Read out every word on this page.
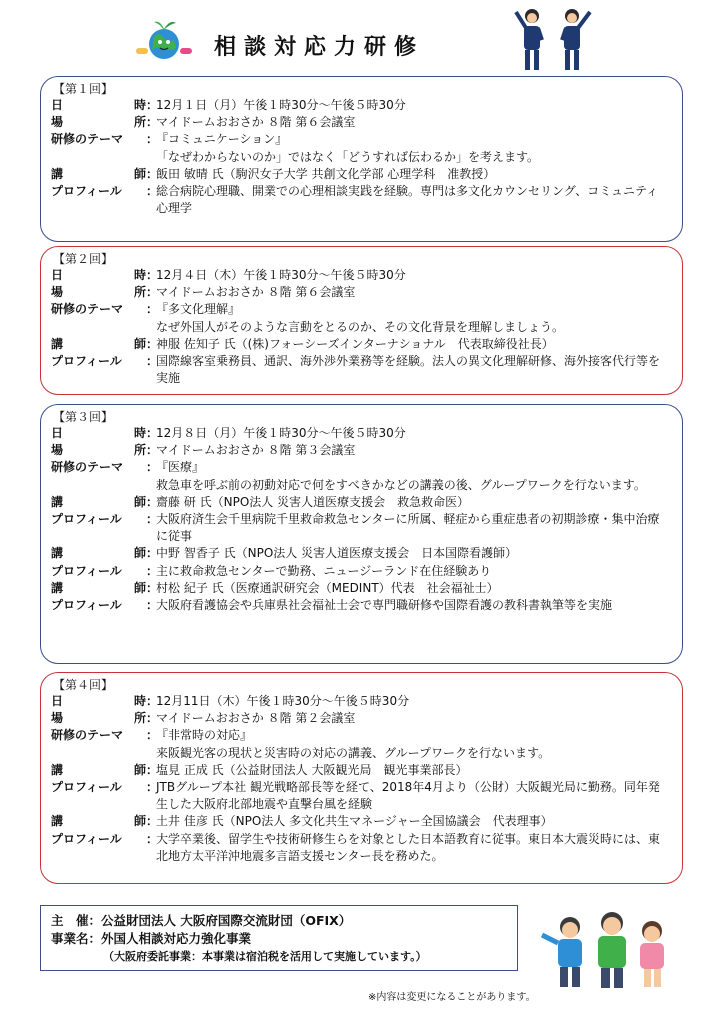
相談対応力研修
【第１回】
日	時 ：
12月１日（月）午後１時30分～午後５時30分
場	所 ：
マイドームおおさか ８階 第６会議室
研修のテーマ	：
『コミュニケーション』
「なぜわからないのか」ではなく「どうすれば伝わるか」を考えます。
講	師 ：
飯田 敏晴 氏（駒沢女子大学 共創文化学部 心理学科　准教授）
プロフィール	：
総合病院心理職、開業での心理相談実践を経験。専門は多文化カウンセリング、コミュニティ心理学
【第２回】
日	時 ：
12月４日（木）午後１時30分～午後５時30分
場	所 ：
マイドームおおさか ８階 第６会議室
研修のテーマ	：
『多文化理解』
なぜ外国人がそのような言動をとるのか、その文化背景を理解しましょう。
講	師 ：
神服 佐知子 氏（(株)フォーシーズインターナショナル　代表取締役社長）
プロフィール	：
国際線客室乗務員、通訳、海外渉外業務等を経験。法人の異文化理解研修、海外接客代行等を実施
【第３回】
日	時 ：
12月８日（月）午後１時30分～午後５時30分
場	所 ：
マイドームおおさか ８階 第３会議室
研修のテーマ	：
『医療』
救急車を呼ぶ前の初動対応で何をすべきかなどの講義の後、グループワークを行ないます。
講	師 ：
齋藤 研 氏（NPO法人 災害人道医療支援会　救急救命医）
プロフィール	：
大阪府済生会千里病院千里救命救急センターに所属、軽症から重症患者の初期診療・集中治療に従事
講	師 ：
中野 智香子 氏（NPO法人 災害人道医療支援会　日本国際看護師）
プロフィール	：
主に救命救急センターで勤務、ニュージーランド在住経験あり
講	師 ：
村松 紀子 氏（医療通訳研究会（MEDINT）代表　社会福祉士）
プロフィール	：
大阪府看護協会や兵庫県社会福祉士会で専門職研修や国際看護の教科書執筆等を実施
【第４回】
日	時 ：
12月11日（木）午後１時30分～午後５時30分
場	所 ：
マイドームおおさか ８階 第２会議室
研修のテーマ	：
『非常時の対応』
来阪観光客の現状と災害時の対応の講義、グループワークを行ないます。
講	師 ：
塩見 正成 氏（公益財団法人 大阪観光局　観光事業部長）
プロフィール	：
JTBグループ本社 観光戦略部長等を経て、2018年4月より（公財）大阪観光局に勤務。同年発生した大阪府北部地震や直撃台風を経験
講	師 ：
土井 佳彦 氏（NPO法人 多文化共生マネージャー全国協議会　代表理事）
プロフィール	：
大学卒業後、留学生や技術研修生らを対象とした日本語教育に従事。東日本大震災時には、東北地方太平洋沖地震多言語支援センター長を務めた。
主　催：公益財団法人 大阪府国際交流財団（OFIX）
事業名：外国人相談対応力強化事業
（大阪府委託事業：本事業は宿泊税を活用して実施しています。）
※内容は変更になることがあります。
